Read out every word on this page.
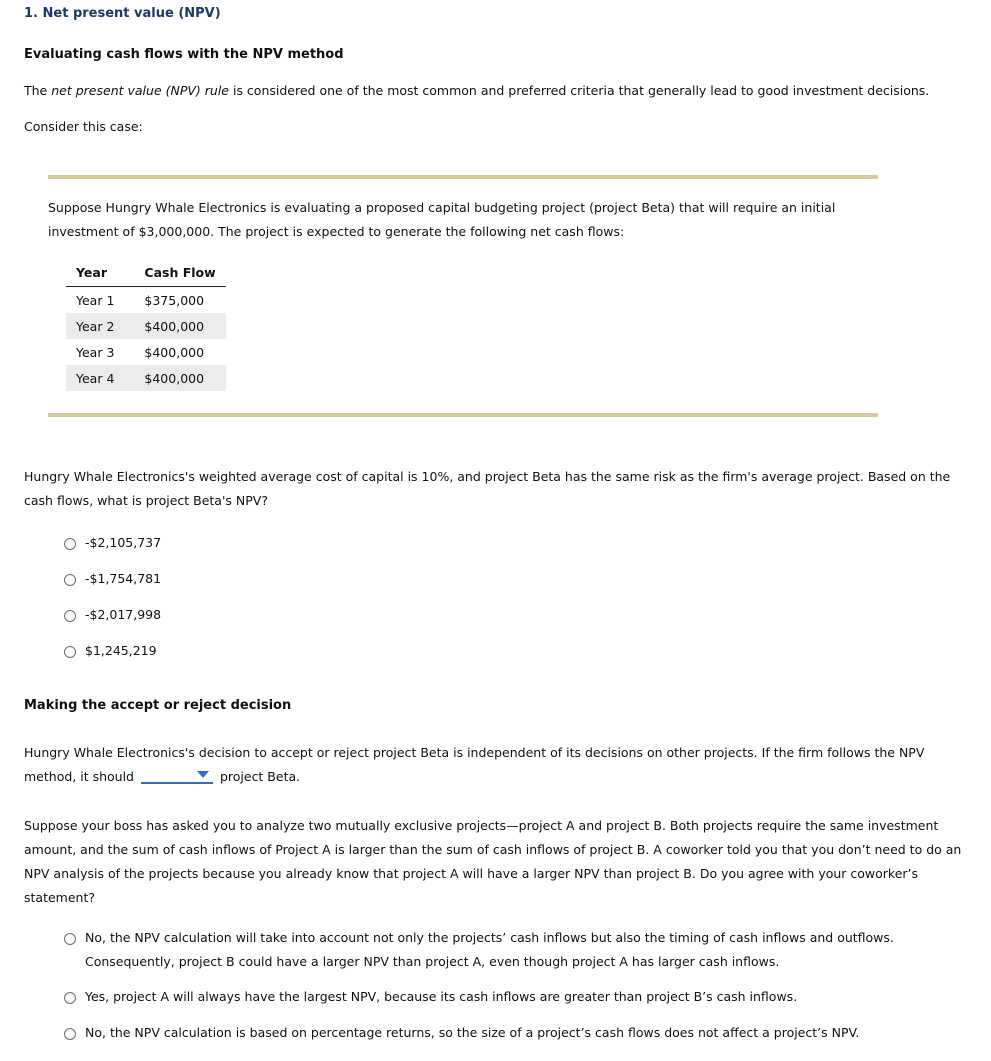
1. Net present value (NPV)
Evaluating cash flows with the NPV method
The net present value (NPV) rule is considered one of the most common and preferred criteria that generally lead to good investment decisions.
Consider this case:
Suppose Hungry Whale Electronics is evaluating a proposed capital budgeting project (project Beta) that will require an initial
investment of $3,000,000. The project is expected to generate the following net cash flows:
Year	Cash Flow
Year 1	$375,000
Year 2	$400,000
Year 3	$400,000
Year 4	$400,000
Hungry Whale Electronics's weighted average cost of capital is 10%, and project Beta has the same risk as the firm's average project. Based on the
cash flows, what is project Beta's NPV?
-$2,105,737
-$1,754,781
-$2,017,998
$1,245,219
Making the accept or reject decision
Hungry Whale Electronics's decision to accept or reject project Beta is independent of its decisions on other projects. If the firm follows the NPV
method, it should	project Beta.
Suppose your boss has asked you to analyze two mutually exclusive projects—project A and project B. Both projects require the same investment
amount, and the sum of cash inflows of Project A is larger than the sum of cash inflows of project B. A coworker told you that you don’t need to do an
NPV analysis of the projects because you already know that project A will have a larger NPV than project B. Do you agree with your coworker’s
statement?
No, the NPV calculation will take into account not only the projects’ cash inflows but also the timing of cash inflows and outflows.
Consequently, project B could have a larger NPV than project A, even though project A has larger cash inflows.
Yes, project A will always have the largest NPV, because its cash inflows are greater than project B’s cash inflows.
No, the NPV calculation is based on percentage returns, so the size of a project’s cash flows does not affect a project’s NPV.
